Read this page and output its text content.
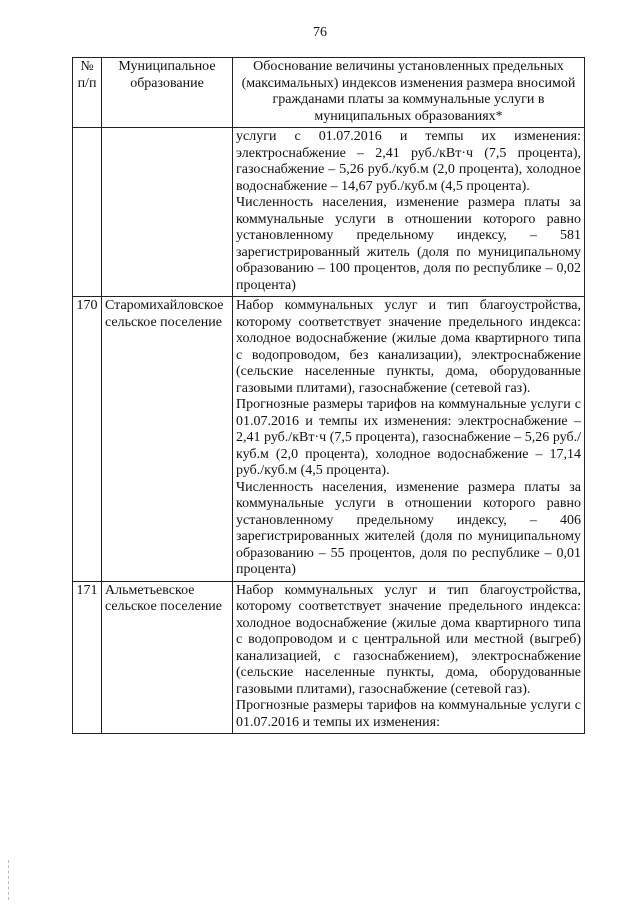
76
№ п/п	Муниципальное образование	Обоснование величины установленных предельных (максимальных) индексов изменения размера вносимой гражданами платы за коммунальные услуги в муниципальных образованиях*

		услуги с 01.07.2016 и темпы их изменения: электроснабжение – 2,41 руб./кВт·ч (7,5 процента), газоснабжение – 5,26 руб./куб.м (2,0 процента), холодное водоснабжение – 14,67 руб./куб.м (4,5 процента).

Численность населения, изменение размера платы за коммунальные услуги в отношении которого равно установленному предельному индексу, – 581 зарегистрированный житель (доля по муниципальному образованию – 100 процентов, доля по республике – 0,02 процента)

170	Старомихайловское сельское поселение	Набор коммунальных услуг и тип благоустройства, которому соответствует значение предельного индекса: холодное водоснабжение (жилые дома квартирного типа с водопроводом, без канализации), электроснабжение (сельские населенные пункты, дома, оборудованные газовыми плитами), газоснабжение (сетевой газ).

Прогнозные размеры тарифов на коммунальные услуги с 01.07.2016 и темпы их изменения: электроснабжение – 2,41 руб./кВт·ч (7,5 процента), газоснабжение – 5,26 руб./куб.м (2,0 процента), холодное водоснабжение – 17,14 руб./куб.м (4,5 процента).

Численность населения, изменение размера платы за коммунальные услуги в отношении которого равно установленному предельному индексу, – 406 зарегистрированных жителей (доля по муниципальному образованию – 55 процентов, доля по республике – 0,01 процента)

171	Альметьевское сельское поселение	Набор коммунальных услуг и тип благоустройства, которому соответствует значение предельного индекса: холодное водоснабжение (жилые дома квартирного типа с водопроводом и с центральной или местной (выгреб) канализацией, с газоснабжением), электроснабжение (сельские населенные пункты, дома, оборудованные газовыми плитами), газоснабжение (сетевой газ).

Прогнозные размеры тарифов на коммунальные услуги с 01.07.2016 и темпы их изменения:
